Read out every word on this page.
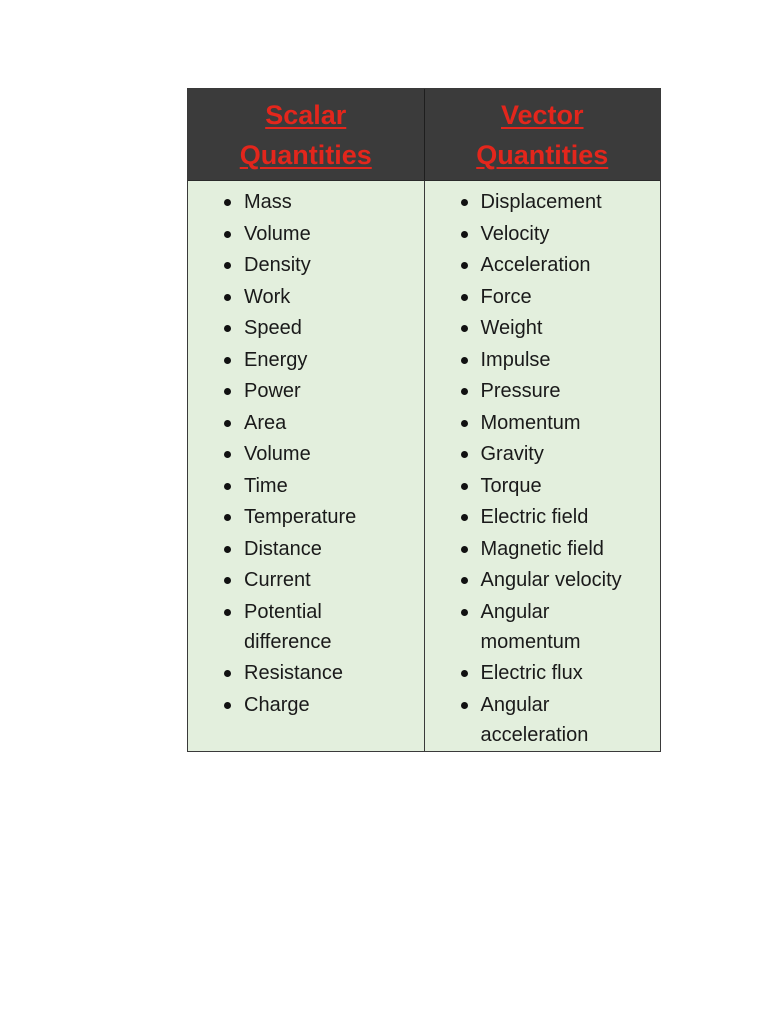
Scalar Quantities
Vector Quantities
Mass
Volume
Density
Work
Speed
Energy
Power
Area
Volume
Time
Temperature
Distance
Current
Potential difference
Resistance
Charge
Displacement
Velocity
Acceleration
Force
Weight
Impulse
Pressure
Momentum
Gravity
Torque
Electric field
Magnetic field
Angular velocity
Angular momentum
Electric flux
Angular acceleration
